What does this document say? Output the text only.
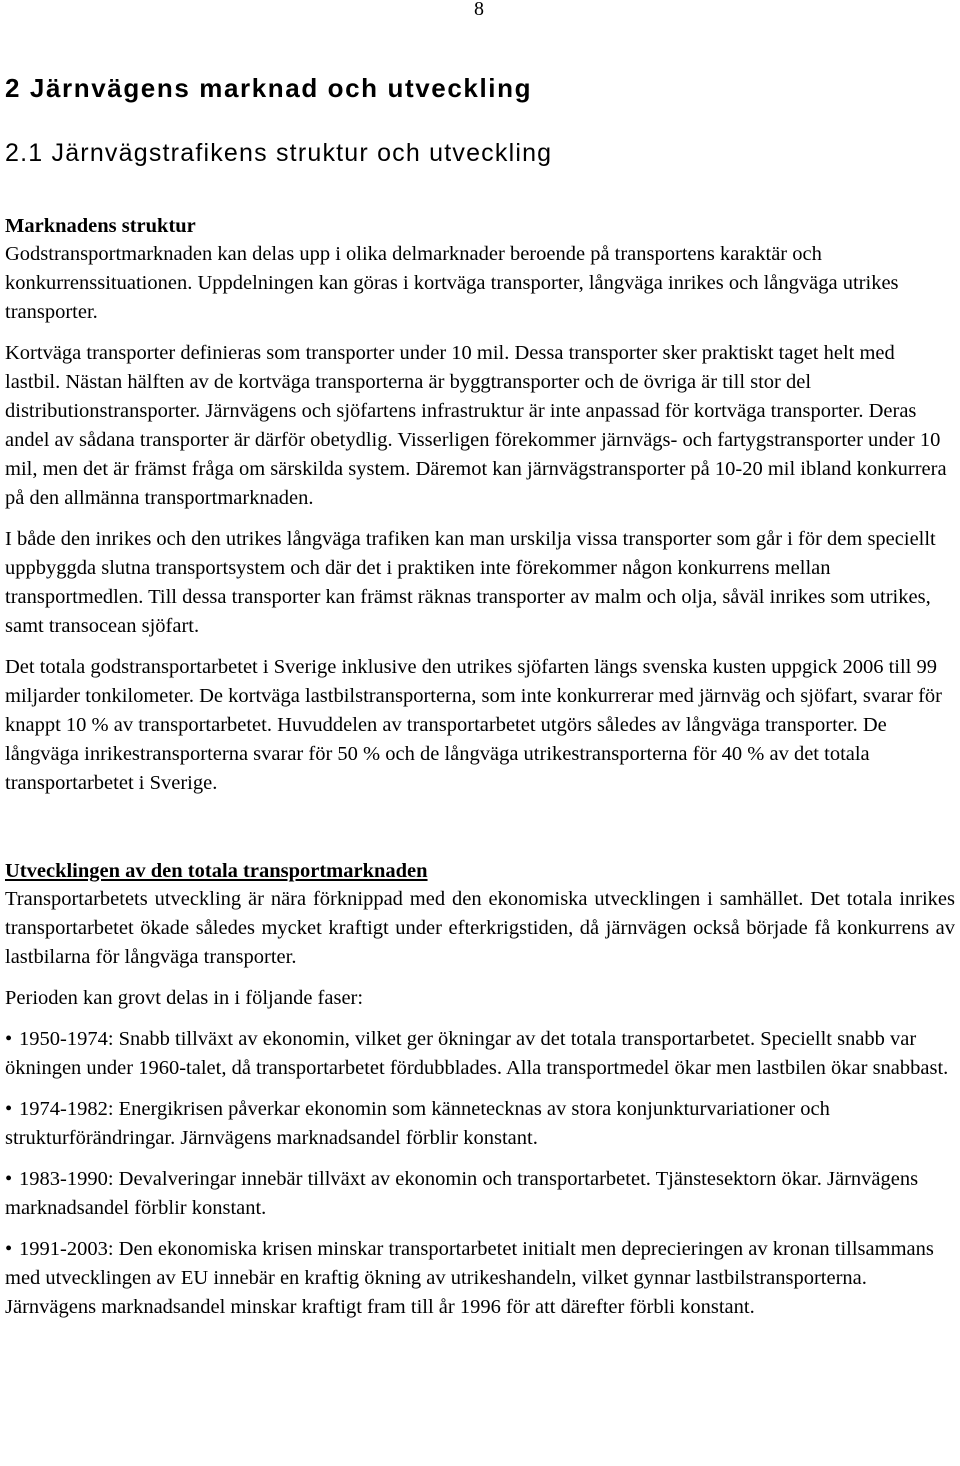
8
2 Järnvägens marknad och utveckling
2.1 Järnvägstrafikens struktur och utveckling

Marknadens struktur

Godstransportmarknaden kan delas upp i olika delmarknader beroende på transportens karaktär och konkurrenssituationen. Uppdelningen kan göras i kortväga transporter, långväga inrikes och långväga utrikes transporter.

Kortväga transporter definieras som transporter under 10 mil. Dessa transporter sker praktiskt taget helt med lastbil. Nästan hälften av de kortväga transporterna är byggtransporter och de övriga är till stor del distributionstransporter. Järnvägens och sjöfartens infrastruktur är inte anpassad för kortväga transporter. Deras andel av sådana transporter är därför obetydlig. Visserligen förekommer järnvägs- och fartygstransporter under 10 mil, men det är främst fråga om särskilda system. Däremot kan järnvägstransporter på 10-20 mil ibland konkurrera på den allmänna transportmarknaden.

I både den inrikes och den utrikes långväga trafiken kan man urskilja vissa transporter som går i för dem speciellt uppbyggda slutna transportsystem och där det i praktiken inte förekommer någon konkurrens mellan transportmedlen. Till dessa transporter kan främst räknas transporter av malm och olja, såväl inrikes som utrikes, samt transocean sjöfart.

Det totala godstransportarbetet i Sverige inklusive den utrikes sjöfarten längs svenska kusten uppgick 2006 till 99 miljarder tonkilometer. De kortväga lastbilstransporterna, som inte konkurrerar med järnväg och sjöfart, svarar för knappt 10 % av transportarbetet. Huvuddelen av transportarbetet utgörs således av långväga transporter. De långväga inrikestransporterna svarar för 50 % och de långväga utrikestransporterna för 40 % av det totala transportarbetet i Sverige.

Utvecklingen av den totala transportmarknaden

Transportarbetets utveckling är nära förknippad med den ekonomiska utvecklingen i samhället. Det totala inrikes transportarbetet ökade således mycket kraftigt under efterkrigstiden, då järnvägen också började få konkurrens av lastbilarna för långväga transporter.

Perioden kan grovt delas in i följande faser:

• 1950-1974: Snabb tillväxt av ekonomin, vilket ger ökningar av det totala transportarbetet. Speciellt snabb var ökningen under 1960-talet, då transportarbetet fördubblades. Alla transportmedel ökar men lastbilen ökar snabbast.

• 1974-1982: Energikrisen påverkar ekonomin som kännetecknas av stora konjunkturvariationer och strukturförändringar. Järnvägens marknadsandel förblir konstant.

• 1983-1990: Devalveringar innebär tillväxt av ekonomin och transportarbetet. Tjänstesektorn ökar. Järnvägens marknadsandel förblir konstant.

• 1991-2003: Den ekonomiska krisen minskar transportarbetet initialt men deprecieringen av kronan tillsammans med utvecklingen av EU innebär en kraftig ökning av utrikeshandeln, vilket gynnar lastbilstransporterna. Järnvägens marknadsandel minskar kraftigt fram till år 1996 för att därefter förbli konstant.
